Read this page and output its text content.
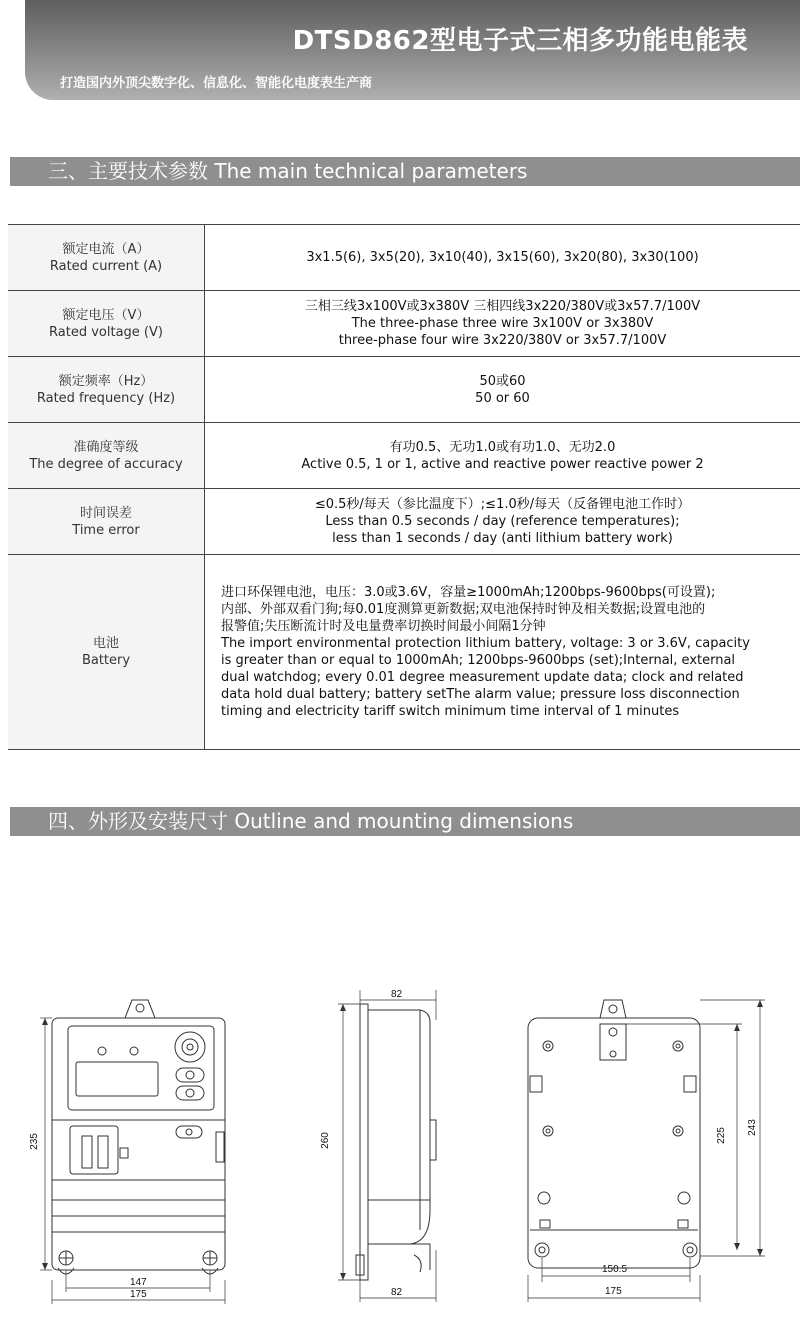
DTSD862型电子式三相多功能电能表
打造国内外顶尖数字化、信息化、智能化电度表生产商
三、主要技术参数 The main technical parameters
额定电流（A）
Rated current (A)
3x1.5(6), 3x5(20), 3x10(40), 3x15(60), 3x20(80), 3x30(100)
额定电压（V）
Rated voltage (V)
三相三线3x100V或3x380V 三相四线3x220/380V或3x57.7/100V
The three-phase three wire 3x100V or 3x380V
three-phase four wire 3x220/380V or 3x57.7/100V
额定频率（Hz）
Rated frequency (Hz)
50或60
50 or 60
准确度等级
The degree of accuracy
有功0.5、无功1.0或有功1.0、无功2.0
Active 0.5, 1 or 1, active and reactive power reactive power 2
时间误差
Time error
≤0.5秒/每天（参比温度下）;≤1.0秒/每天（反备锂电池工作时）
Less than 0.5 seconds / day (reference temperatures);
less than 1 seconds / day (anti lithium battery work)
电池
Battery
进口环保锂电池，电压：3.0或3.6V，容量≥1000mAh;1200bps-9600bps(可设置);
内部、外部双看门狗;每0.01度测算更新数据;双电池保持时钟及相关数据;设置电池的
报警值;失压断流计时及电量费率切换时间最小间隔1分钟
The import environmental protection lithium battery, voltage: 3 or 3.6V, capacity
is greater than or equal to 1000mAh; 1200bps-9600bps (set);Internal, external
dual watchdog; every 0.01 degree measurement update data; clock and related
data hold dual battery; battery setThe alarm value; pressure loss disconnection
timing and electricity tariff switch minimum time interval of 1 minutes
四、外形及安装尺寸 Outline and mounting dimensions
235
147
175
82
260
82
243
225
150.5
175
